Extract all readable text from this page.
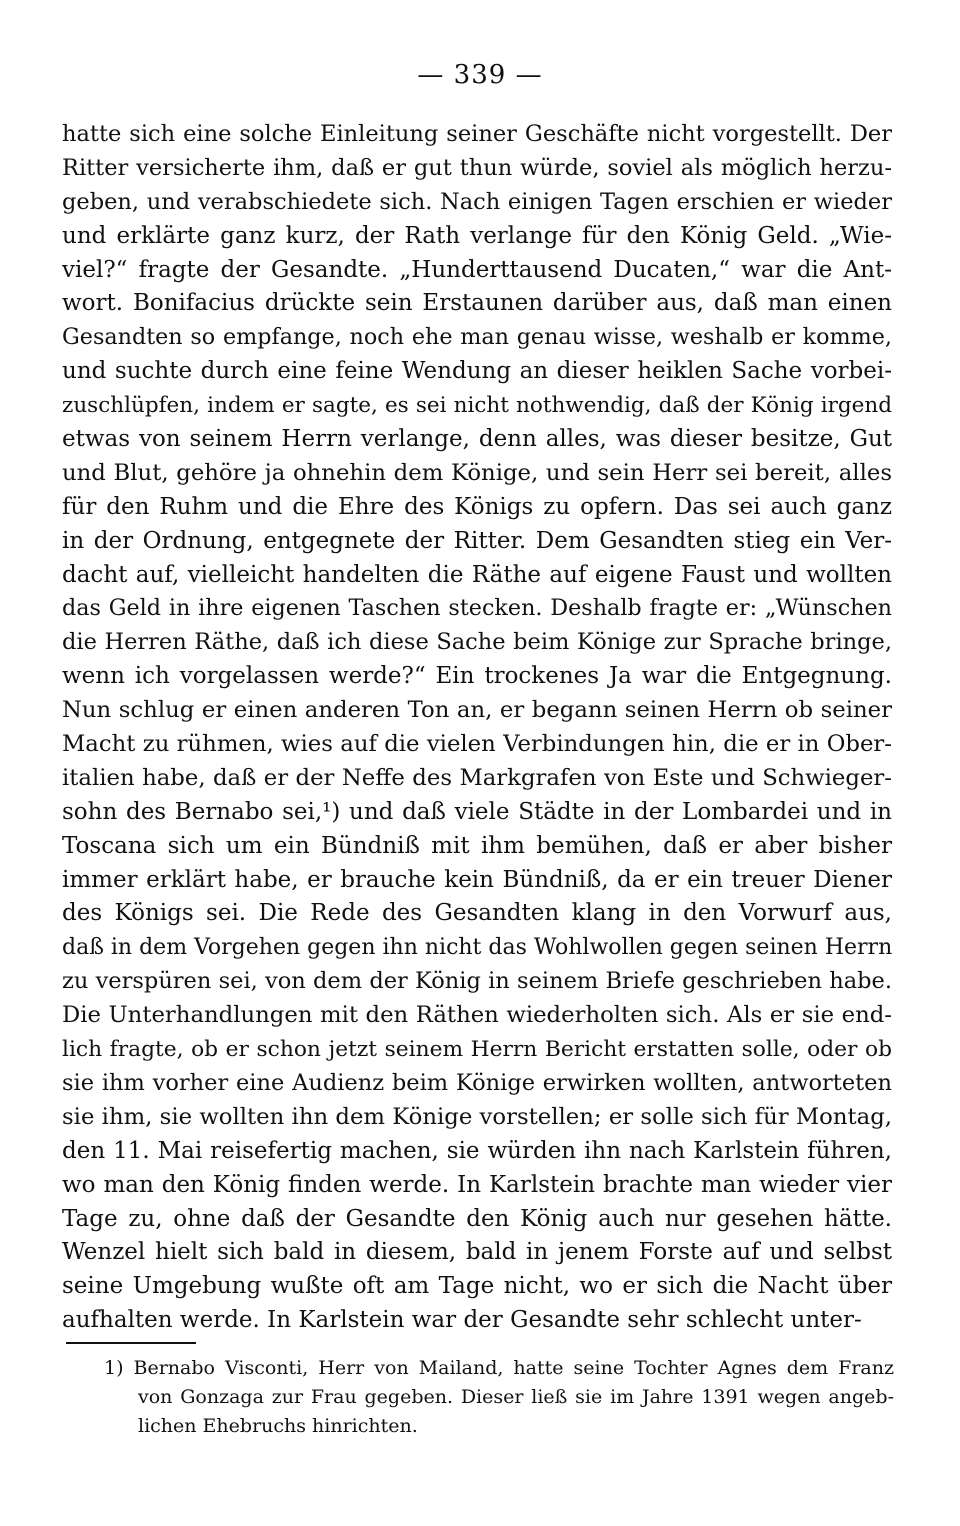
— 339 —
hatte sich eine solche Einleitung seiner Geschäfte nicht vorgestellt. Der
Ritter versicherte ihm, daß er gut thun würde, soviel als möglich herzu-
geben, und verabschiedete sich. Nach einigen Tagen erschien er wieder
und erklärte ganz kurz, der Rath verlange für den König Geld. „Wie-
viel?“ fragte der Gesandte. „Hunderttausend Ducaten,“ war die Ant-
wort. Bonifacius drückte sein Erstaunen darüber aus, daß man einen
Gesandten so empfange, noch ehe man genau wisse, weshalb er komme,
und suchte durch eine feine Wendung an dieser heiklen Sache vorbei-
zuschlüpfen, indem er sagte, es sei nicht nothwendig, daß der König irgend
etwas von seinem Herrn verlange, denn alles, was dieser besitze, Gut
und Blut, gehöre ja ohnehin dem Könige, und sein Herr sei bereit, alles
für den Ruhm und die Ehre des Königs zu opfern. Das sei auch ganz
in der Ordnung, entgegnete der Ritter. Dem Gesandten stieg ein Ver-
dacht auf, vielleicht handelten die Räthe auf eigene Faust und wollten
das Geld in ihre eigenen Taschen stecken. Deshalb fragte er: „Wünschen
die Herren Räthe, daß ich diese Sache beim Könige zur Sprache bringe,
wenn ich vorgelassen werde?“ Ein trockenes Ja war die Entgegnung.
Nun schlug er einen anderen Ton an, er begann seinen Herrn ob seiner
Macht zu rühmen, wies auf die vielen Verbindungen hin, die er in Ober-
italien habe, daß er der Neffe des Markgrafen von Este und Schwieger-
sohn des Bernabo sei,¹) und daß viele Städte in der Lombardei und in
Toscana sich um ein Bündniß mit ihm bemühen, daß er aber bisher
immer erklärt habe, er brauche kein Bündniß, da er ein treuer Diener
des Königs sei. Die Rede des Gesandten klang in den Vorwurf aus,
daß in dem Vorgehen gegen ihn nicht das Wohlwollen gegen seinen Herrn
zu verspüren sei, von dem der König in seinem Briefe geschrieben habe.
Die Unterhandlungen mit den Räthen wiederholten sich. Als er sie end-
lich fragte, ob er schon jetzt seinem Herrn Bericht erstatten solle, oder ob
sie ihm vorher eine Audienz beim Könige erwirken wollten, antworteten
sie ihm, sie wollten ihn dem Könige vorstellen; er solle sich für Montag,
den 11. Mai reisefertig machen, sie würden ihn nach Karlstein führen,
wo man den König finden werde. In Karlstein brachte man wieder vier
Tage zu, ohne daß der Gesandte den König auch nur gesehen hätte.
Wenzel hielt sich bald in diesem, bald in jenem Forste auf und selbst
seine Umgebung wußte oft am Tage nicht, wo er sich die Nacht über
aufhalten werde. In Karlstein war der Gesandte sehr schlecht unter-
1) Bernabo Visconti, Herr von Mailand, hatte seine Tochter Agnes dem Franz
von Gonzaga zur Frau gegeben. Dieser ließ sie im Jahre 1391 wegen angeb-
lichen Ehebruchs hinrichten.
